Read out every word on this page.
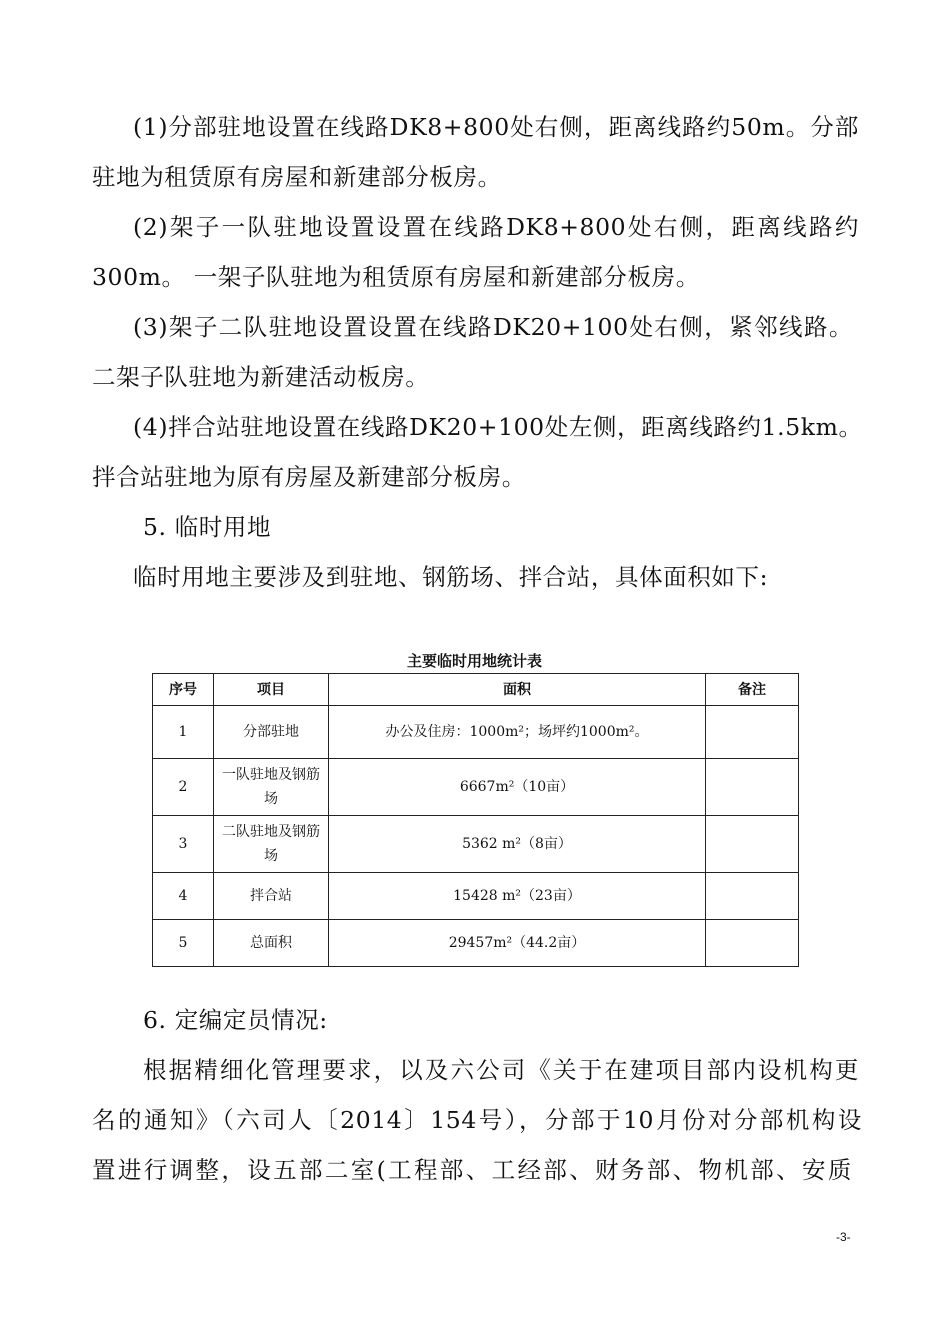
(1)分部驻地设置在线路DK8+800处右侧，距离线路约50m。分部
驻地为租赁原有房屋和新建部分板房。
(2)架子一队驻地设置设置在线路DK8+800处右侧，距离线路约
300m。 一架子队驻地为租赁原有房屋和新建部分板房。
(3)架子二队驻地设置设置在线路DK20+100处右侧，紧邻线路。
二架子队驻地为新建活动板房。
(4)拌合站驻地设置在线路DK20+100处左侧，距离线路约1.5km。
拌合站驻地为原有房屋及新建部分板房。
5. 临时用地
临时用地主要涉及到驻地、钢筋场、拌合站，具体面积如下:
主要临时用地统计表
序号	项目	面积	备注
1	分部驻地	办公及住房：1000m²；场坪约1000m²。	
2	一队驻地及钢筋场	6667m²（10亩）	
3	二队驻地及钢筋场	5362 m²（8亩）	
4	拌合站	15428 m²（23亩）	
5	总面积	29457m²（44.2亩）	
6. 定编定员情况:
根据精细化管理要求，以及六公司《关于在建项目部内设机构更
名的通知》（六司人〔2014〕154号），分部于10月份对分部机构设
置进行调整，设五部二室(工程部、工经部、财务部、物机部、安质
-3-
